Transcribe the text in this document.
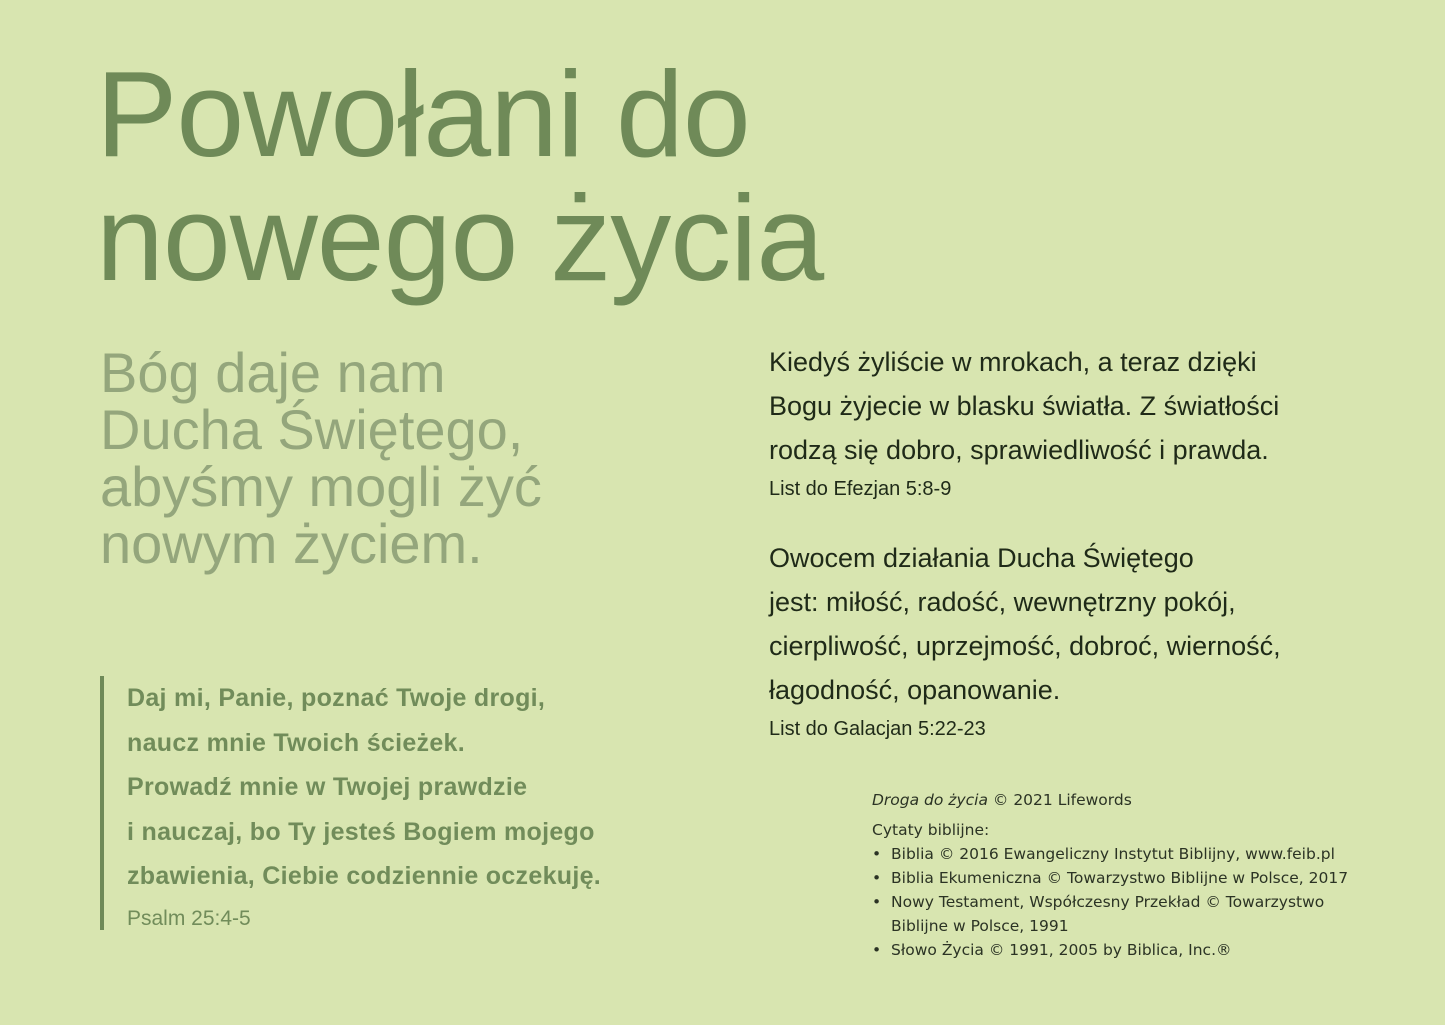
Powołani do
nowego życia
Bóg daje nam
Ducha Świętego,
abyśmy mogli żyć
nowym życiem.
Daj mi, Panie, poznać Twoje drogi,
naucz mnie Twoich ścieżek.
Prowadź mnie w Twojej prawdzie
i nauczaj, bo Ty jesteś Bogiem mojego
zbawienia, Ciebie codziennie oczekuję.
Psalm 25:4-5
Kiedyś żyliście w mrokach, a teraz dzięki
Bogu żyjecie w blasku światła. Z światłości
rodzą się dobro, sprawiedliwość i prawda.
List do Efezjan 5:8-9
Owocem działania Ducha Świętego
jest: miłość, radość, wewnętrzny pokój,
cierpliwość, uprzejmość, dobroć, wierność,
łagodność, opanowanie.
List do Galacjan 5:22-23

Droga do życia © 2021 Lifewords

Cytaty biblijne:
• Biblia © 2016 Ewangeliczny Instytut Biblijny, www.feib.pl
• Biblia Ekumeniczna © Towarzystwo Biblijne w Polsce, 2017
• Nowy Testament, Współczesny Przekład © Towarzystwo Biblijne w Polsce, 1991
• Słowo Życia © 1991, 2005 by Biblica, Inc.®
